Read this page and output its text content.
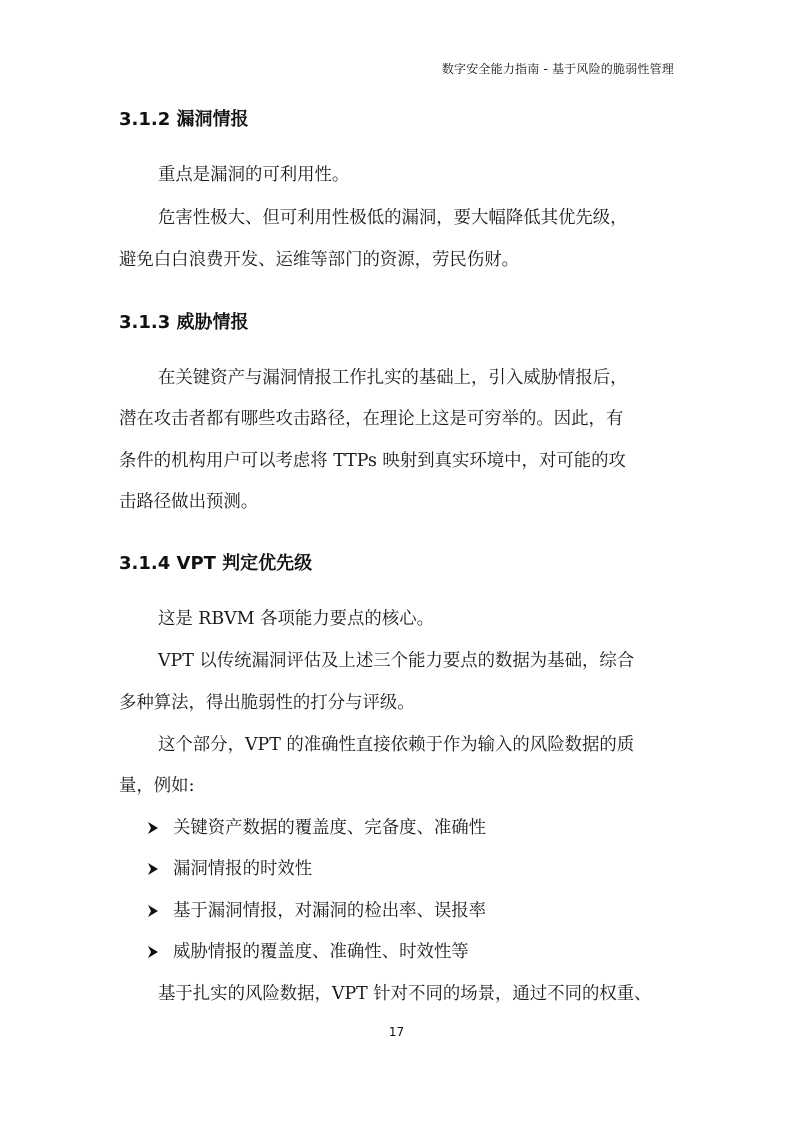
数字安全能力指南 - 基于风险的脆弱性管理
3.1.2 漏洞情报
重点是漏洞的可利用性。
危害性极大、但可利用性极低的漏洞，要大幅降低其优先级，
避免白白浪费开发、运维等部门的资源，劳民伤财。
3.1.3 威胁情报
在关键资产与漏洞情报工作扎实的基础上，引入威胁情报后，
潜在攻击者都有哪些攻击路径，在理论上这是可穷举的。因此，有
条件的机构用户可以考虑将 TTPs 映射到真实环境中，对可能的攻
击路径做出预测。
3.1.4 VPT 判定优先级
这是 RBVM 各项能力要点的核心。
VPT 以传统漏洞评估及上述三个能力要点的数据为基础，综合
多种算法，得出脆弱性的打分与评级。
这个部分，VPT 的准确性直接依赖于作为输入的风险数据的质
量，例如:
关键资产数据的覆盖度、完备度、准确性
漏洞情报的时效性
基于漏洞情报，对漏洞的检出率、误报率
威胁情报的覆盖度、准确性、时效性等
基于扎实的风险数据，VPT 针对不同的场景，通过不同的权重、
17
